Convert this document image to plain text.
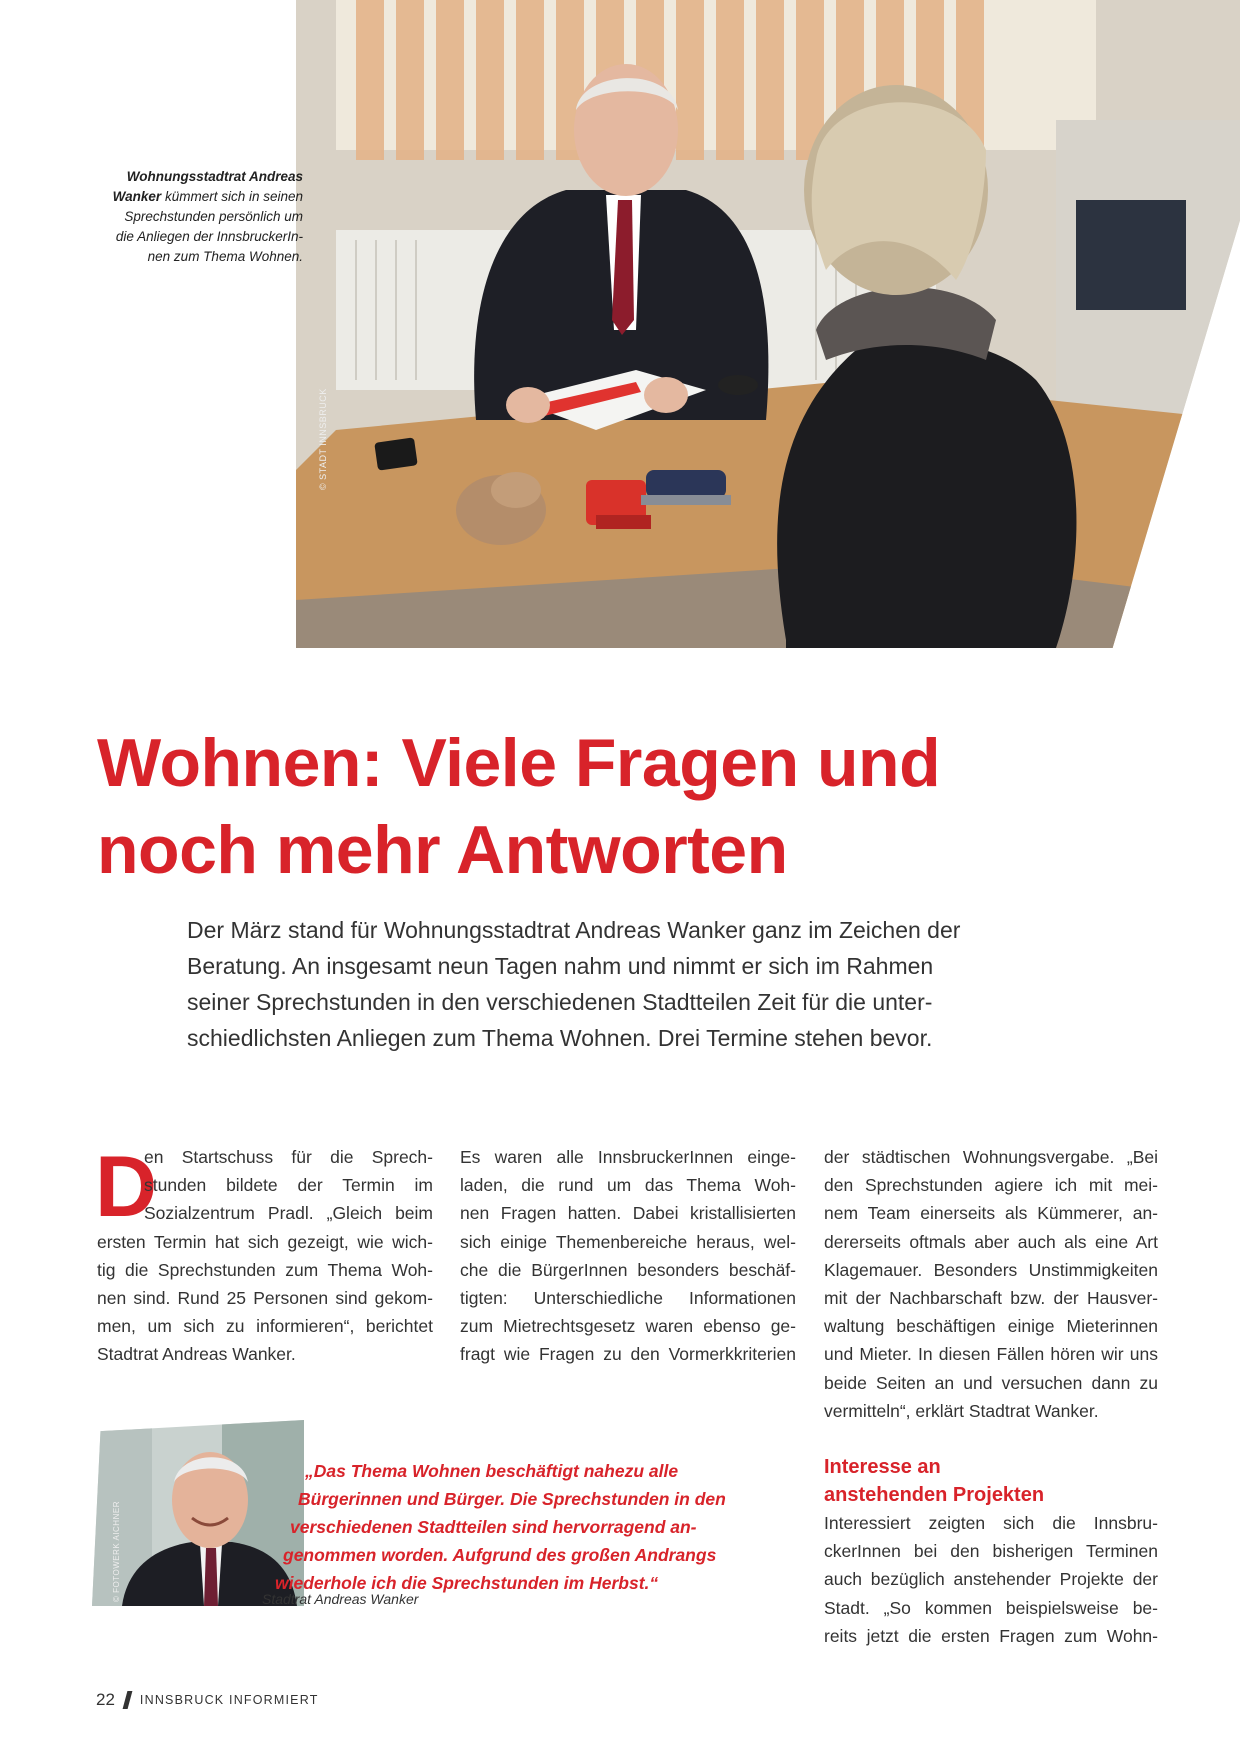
© STADT INNSBRUCK
Wohnungsstadtrat Andreas
Wanker kümmert sich in seinen
Sprechstunden persönlich um
die Anliegen der InnsbruckerIn-
nen zum Thema Wohnen.
Wohnen: Viele Fragen und
noch mehr Antworten
Der März stand für Wohnungsstadtrat Andreas Wanker ganz im Zeichen der
Beratung. An insgesamt neun Tagen nahm und nimmt er sich im Rahmen
seiner Sprechstunden in den verschiedenen Stadtteilen Zeit für die unter-
schiedlichsten Anliegen zum Thema Wohnen. Drei Termine stehen bevor.
D
en Startschuss für die Sprech-
stunden bildete der Termin im
Sozialzentrum Pradl. „Gleich beim
ersten Termin hat sich gezeigt, wie wich-
tig die Sprechstunden zum Thema Woh-
nen sind. Rund 25 Personen sind gekom-
men, um sich zu informieren“, berichtet
Stadtrat Andreas Wanker.
Es waren alle InnsbruckerInnen einge-
laden, die rund um das Thema Woh-
nen Fragen hatten. Dabei kristallisierten
sich einige Themenbereiche heraus, wel-
che die BürgerInnen besonders beschäf-
tigten: Unterschiedliche Informationen
zum Mietrechtsgesetz waren ebenso ge-
fragt wie Fragen zu den Vormerkkriterien
der städtischen Wohnungsvergabe. „Bei
den Sprechstunden agiere ich mit mei-
nem Team einerseits als Kümmerer, an-
dererseits oftmals aber auch als eine Art
Klagemauer. Besonders Unstimmigkeiten
mit der Nachbarschaft bzw. der Hausver-
waltung beschäftigen einige Mieterinnen
und Mieter. In diesen Fällen hören wir uns
beide Seiten an und versuchen dann zu
vermitteln“, erklärt Stadtrat Wanker.
Interesse an
anstehenden Projekten
Interessiert zeigten sich die Innsbru-
ckerInnen bei den bisherigen Terminen
auch bezüglich anstehender Projekte der
Stadt. „So kommen beispielsweise be-
reits jetzt die ersten Fragen zum Wohn-
© FOTOWERK AICHNER
„Das Thema Wohnen beschäftigt nahezu alle
Bürgerinnen und Bürger. Die Sprechstunden in den
verschiedenen Stadtteilen sind hervorragend an-
genommen worden. Aufgrund des großen Andrangs
wiederhole ich die Sprechstunden im Herbst.“
Stadtrat Andreas Wanker
22 INNSBRUCK INFORMIERT
